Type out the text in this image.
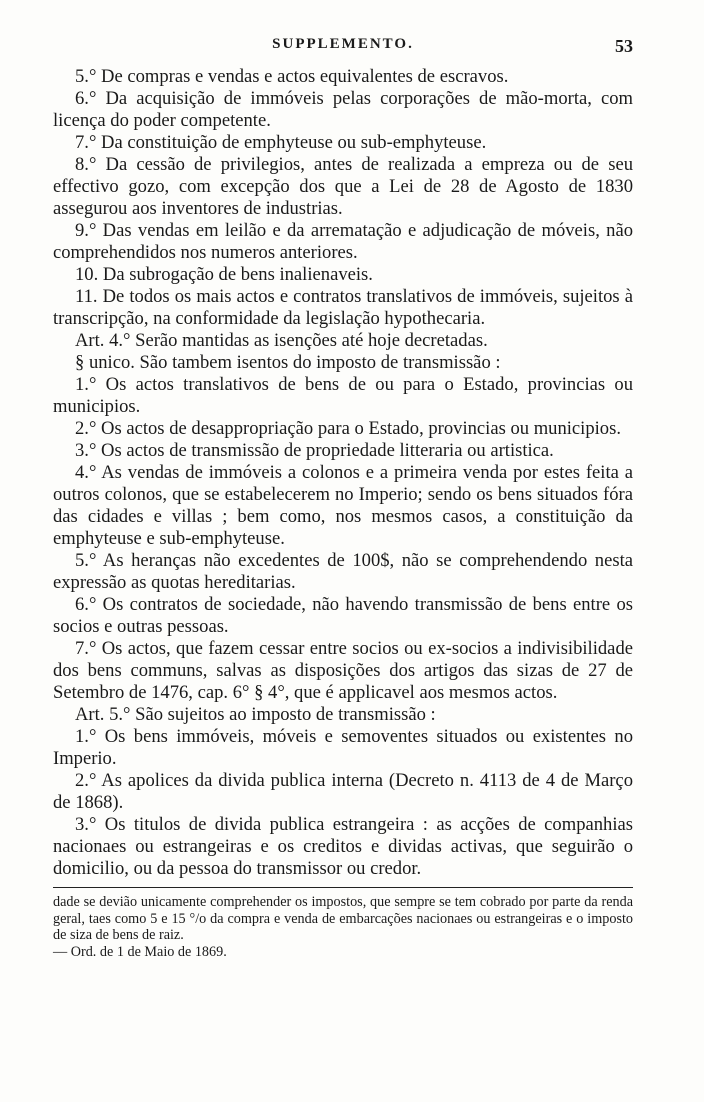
SUPPLEMENTO.	53

5.° De compras e vendas e actos equivalentes de escravos.

6.° Da acquisição de immóveis pelas corporações de mão-morta, com licença do poder competente.

7.° Da constituição de emphyteuse ou sub-emphyteuse.

8.° Da cessão de privilegios, antes de realizada a empreza ou de seu effectivo gozo, com excepção dos que a Lei de 28 de Agosto de 1830 assegurou aos inventores de industrias.

9.° Das vendas em leilão e da arrematação e adjudicação de móveis, não comprehendidos nos numeros anteriores.

10. Da subrogação de bens inalienaveis.

11. De todos os mais actos e contratos translativos de immóveis, sujeitos à transcripção, na conformidade da legislação hypothecaria.

Art. 4.° Serão mantidas as isenções até hoje decretadas.

§ unico. São tambem isentos do imposto de transmissão :

1.° Os actos translativos de bens de ou para o Estado, provincias ou municipios.

2.° Os actos de desappropriação para o Estado, provincias ou municipios.

3.° Os actos de transmissão de propriedade litteraria ou artistica.

4.° As vendas de immóveis a colonos e a primeira venda por estes feita a outros colonos, que se estabelecerem no Imperio; sendo os bens situados fóra das cidades e villas ; bem como, nos mesmos casos, a constituição da emphyteuse e sub-emphyteuse.

5.° As heranças não excedentes de 100$, não se comprehendendo nesta expressão as quotas hereditarias.

6.° Os contratos de sociedade, não havendo transmissão de bens entre os socios e outras pessoas.

7.° Os actos, que fazem cessar entre socios ou ex-socios a indivisibilidade dos bens communs, salvas as disposições dos artigos das sizas de 27 de Setembro de 1476, cap. 6° § 4°, que é applicavel aos mesmos actos.

Art. 5.° São sujeitos ao imposto de transmissão :

1.° Os bens immóveis, móveis e semoventes situados ou existentes no Imperio.

2.° As apolices da divida publica interna (Decreto n. 4113 de 4 de Março de 1868).

3.° Os titulos de divida publica estrangeira : as acções de companhias nacionaes ou estrangeiras e os creditos e dividas activas, que seguirão o domicilio, ou da pessoa do transmissor ou credor.

dade se devião unicamente comprehender os impostos, que sempre se tem cobrado por parte da renda geral, taes como 5 e 15 °/o da compra e venda de embarcações nacionaes ou estrangeiras e o imposto de siza de bens de raiz.

— Ord. de 1 de Maio de 1869.
